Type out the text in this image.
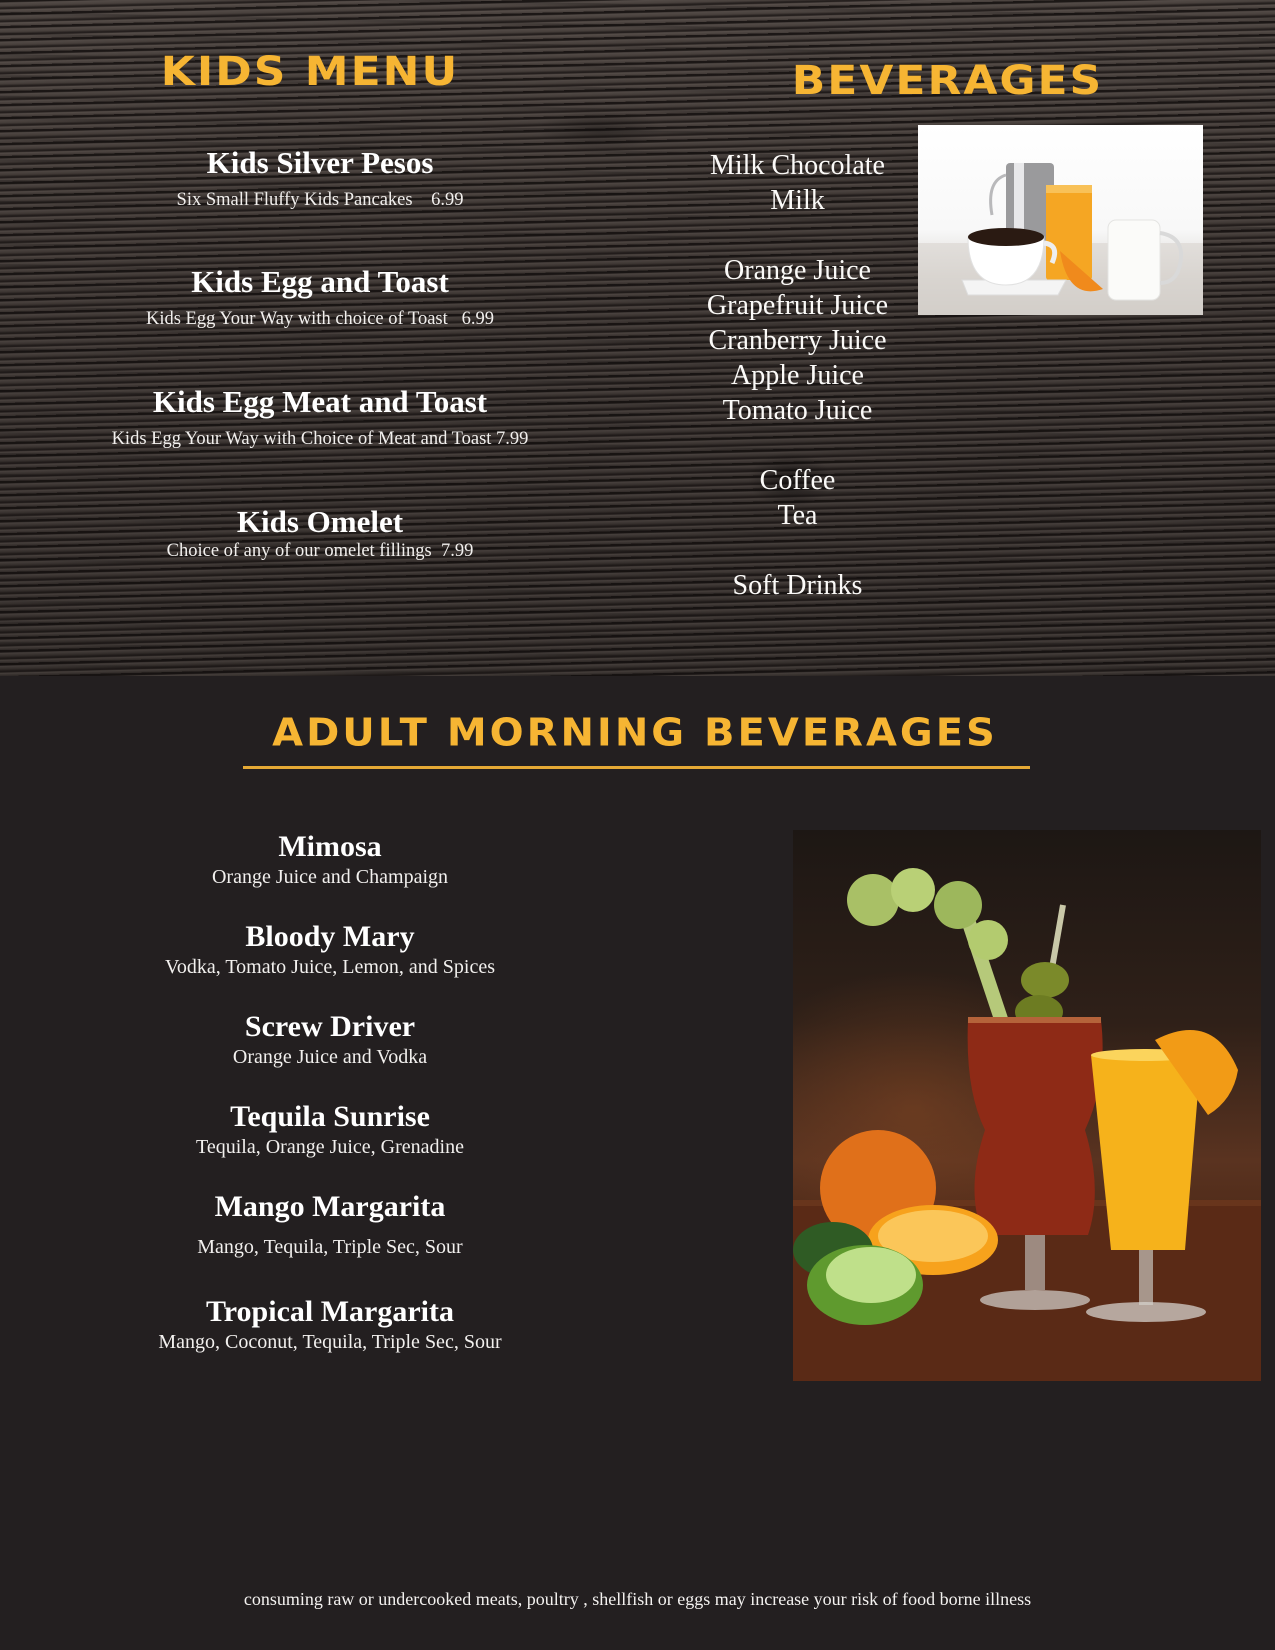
KIDS MENU
Kids Silver Pesos
Six Small Fluffy Kids Pancakes    6.99
Kids Egg and Toast
Kids Egg Your Way with choice of Toast   6.99
Kids Egg Meat and Toast
Kids Egg Your Way with Choice of Meat and Toast 7.99
Kids Omelet
Choice of any of our omelet fillings  7.99
BEVERAGES
Milk Chocolate
Milk
Orange Juice
Grapefruit Juice
Cranberry Juice
Apple Juice
Tomato Juice
Coffee
Tea
Soft Drinks
ADULT MORNING BEVERAGES
Mimosa
Orange Juice and Champaign
Bloody Mary
Vodka, Tomato Juice, Lemon, and Spices
Screw Driver
Orange Juice and Vodka
Tequila Sunrise
Tequila, Orange Juice, Grenadine
Mango Margarita
Mango, Tequila, Triple Sec, Sour
Tropical Margarita
Mango, Coconut, Tequila, Triple Sec, Sour
consuming raw or undercooked meats, poultry , shellfish or eggs may increase your risk of food borne illness
